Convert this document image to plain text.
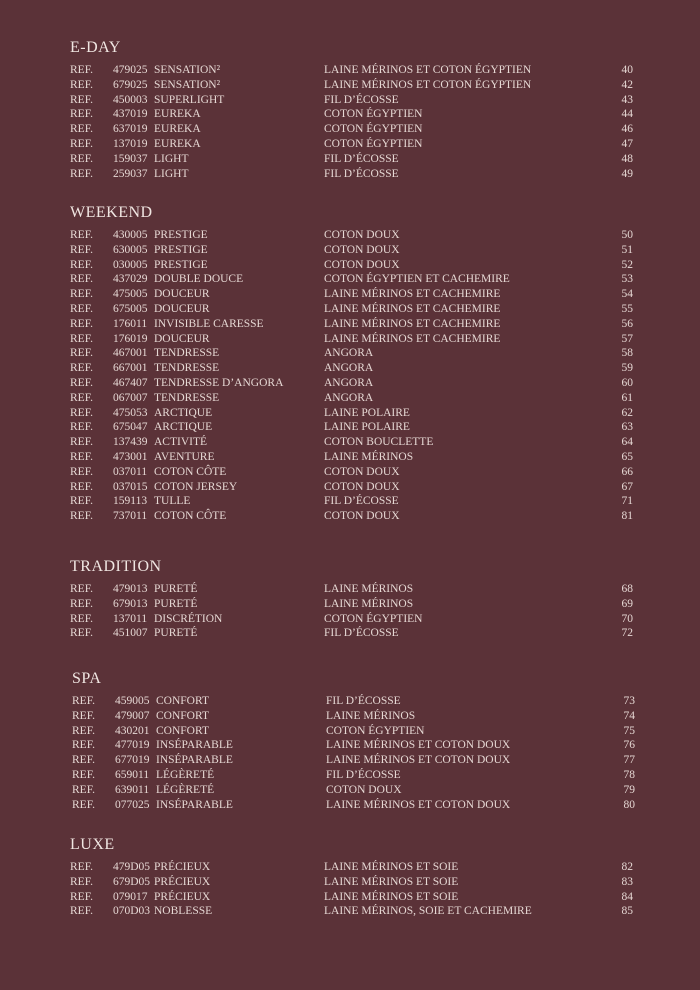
E-DAY
REF. 479025 SENSATION²	LAINE MÉRINOS ET COTON ÉGYPTIEN	40
REF. 679025 SENSATION²	LAINE MÉRINOS ET COTON ÉGYPTIEN	42
REF. 450003 SUPERLIGHT	FIL D’ÉCOSSE	43
REF. 437019 EUREKA	COTON ÉGYPTIEN	44
REF. 637019 EUREKA	COTON ÉGYPTIEN	46
REF. 137019 EUREKA	COTON ÉGYPTIEN	47
REF. 159037 LIGHT	FIL D’ÉCOSSE	48
REF. 259037 LIGHT	FIL D’ÉCOSSE	49
WEEKEND
REF. 430005 PRESTIGE	COTON DOUX	50
REF. 630005 PRESTIGE	COTON DOUX	51
REF. 030005 PRESTIGE	COTON DOUX	52
REF. 437029 DOUBLE DOUCE	COTON ÉGYPTIEN ET CACHEMIRE	53
REF. 475005 DOUCEUR	LAINE MÉRINOS ET CACHEMIRE	54
REF. 675005 DOUCEUR	LAINE MÉRINOS ET CACHEMIRE	55
REF. 176011 INVISIBLE CARESSE	LAINE MÉRINOS ET CACHEMIRE	56
REF. 176019 DOUCEUR	LAINE MÉRINOS ET CACHEMIRE	57
REF. 467001 TENDRESSE	ANGORA	58
REF. 667001 TENDRESSE	ANGORA	59
REF. 467407 TENDRESSE D’ANGORA	ANGORA	60
REF. 067007 TENDRESSE	ANGORA	61
REF. 475053 ARCTIQUE	LAINE POLAIRE	62
REF. 675047 ARCTIQUE	LAINE POLAIRE	63
REF. 137439 ACTIVITÉ	COTON BOUCLETTE	64
REF. 473001 AVENTURE	LAINE MÉRINOS	65
REF. 037011 COTON CÔTE	COTON DOUX	66
REF. 037015 COTON JERSEY	COTON DOUX	67
REF. 159113 TULLE	FIL D’ÉCOSSE	71
REF. 737011 COTON CÔTE	COTON DOUX	81
TRADITION
REF. 479013 PURETÉ	LAINE MÉRINOS	68
REF. 679013 PURETÉ	LAINE MÉRINOS	69
REF. 137011 DISCRÉTION	COTON ÉGYPTIEN	70
REF. 451007 PURETÉ	FIL D’ÉCOSSE	72
SPA
REF. 459005 CONFORT	FIL D’ÉCOSSE	73
REF. 479007 CONFORT	LAINE MÉRINOS	74
REF. 430201 CONFORT	COTON ÉGYPTIEN	75
REF. 477019 INSÉPARABLE	LAINE MÉRINOS ET COTON DOUX	76
REF. 677019 INSÉPARABLE	LAINE MÉRINOS ET COTON DOUX	77
REF. 659011 LÉGÈRETÉ	FIL D’ÉCOSSE	78
REF. 639011 LÉGÈRETÉ	COTON DOUX	79
REF. 077025 INSÉPARABLE	LAINE MÉRINOS ET COTON DOUX	80
LUXE
REF. 479D05 PRÉCIEUX	LAINE MÉRINOS ET SOIE	82
REF. 679D05 PRÉCIEUX	LAINE MÉRINOS ET SOIE	83
REF. 079017 PRÉCIEUX	LAINE MÉRINOS ET SOIE	84
REF. 070D03 NOBLESSE	LAINE MÉRINOS, SOIE ET CACHEMIRE	85
